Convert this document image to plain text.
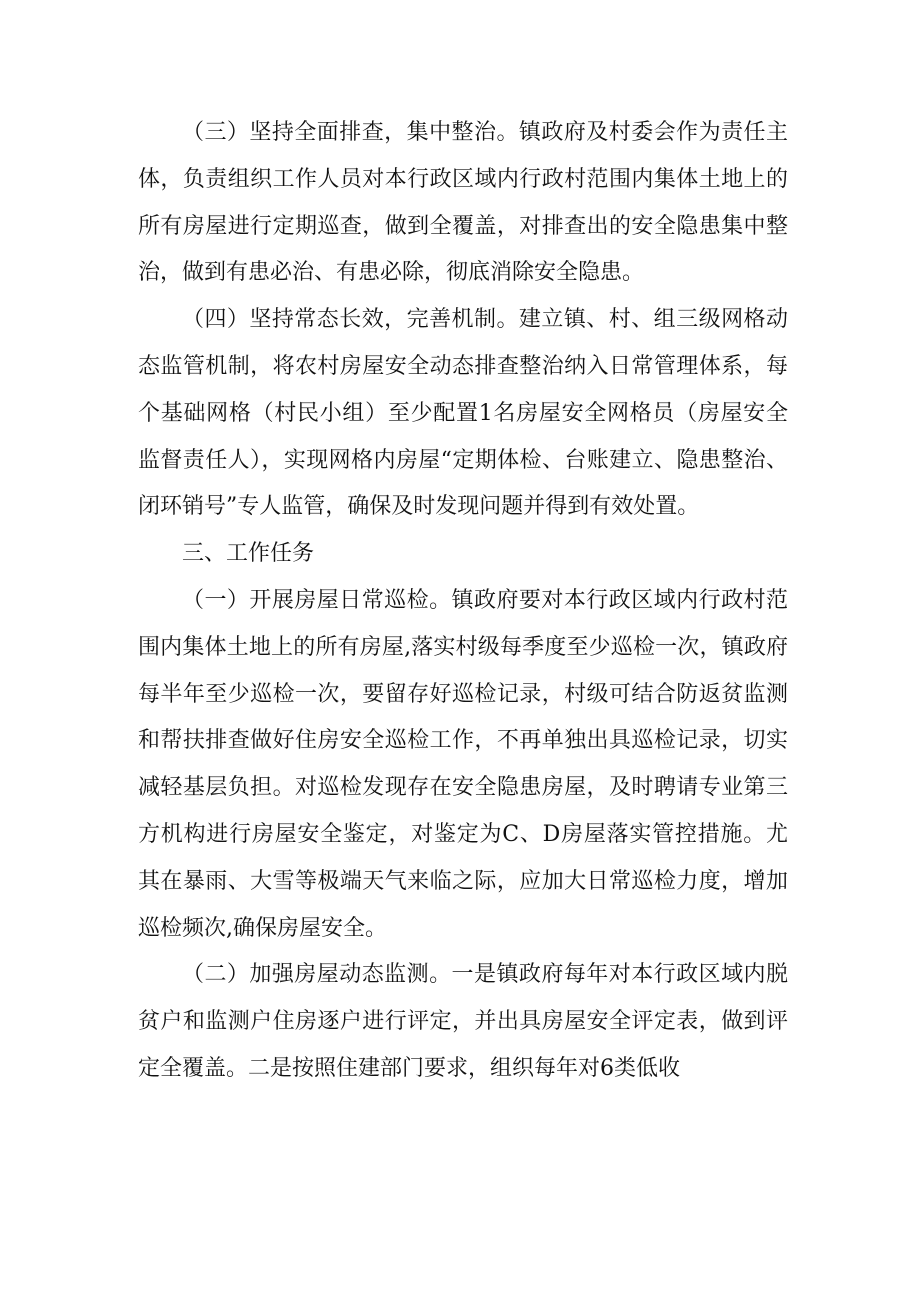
（三）坚持全面排查，集中整治。镇政府及村委会作为责任主体，负责组织工作人员对本行政区域内行政村范围内集体土地上的所有房屋进行定期巡查，做到全覆盖，对排查出的安全隐患集中整治，做到有患必治、有患必除，彻底消除安全隐患。

（四）坚持常态长效，完善机制。建立镇、村、组三级网格动态监管机制，将农村房屋安全动态排查整治纳入日常管理体系，每个基础网格（村民小组）至少配置1名房屋安全网格员（房屋安全监督责任人），实现网格内房屋“定期体检、台账建立、隐患整治、闭环销号”专人监管，确保及时发现问题并得到有效处置。

三、工作任务

（一）开展房屋日常巡检。镇政府要对本行政区域内行政村范围内集体土地上的所有房屋,落实村级每季度至少巡检一次，镇政府每半年至少巡检一次，要留存好巡检记录，村级可结合防返贫监测和帮扶排查做好住房安全巡检工作，不再单独出具巡检记录，切实减轻基层负担。对巡检发现存在安全隐患房屋，及时聘请专业第三方机构进行房屋安全鉴定，对鉴定为C、D房屋落实管控措施。尤其在暴雨、大雪等极端天气来临之际，应加大日常巡检力度，增加巡检频次,确保房屋安全。

（二）加强房屋动态监测。一是镇政府每年对本行政区域内脱贫户和监测户住房逐户进行评定，并出具房屋安全评定表，做到评定全覆盖。二是按照住建部门要求，组织每年对6类低收
